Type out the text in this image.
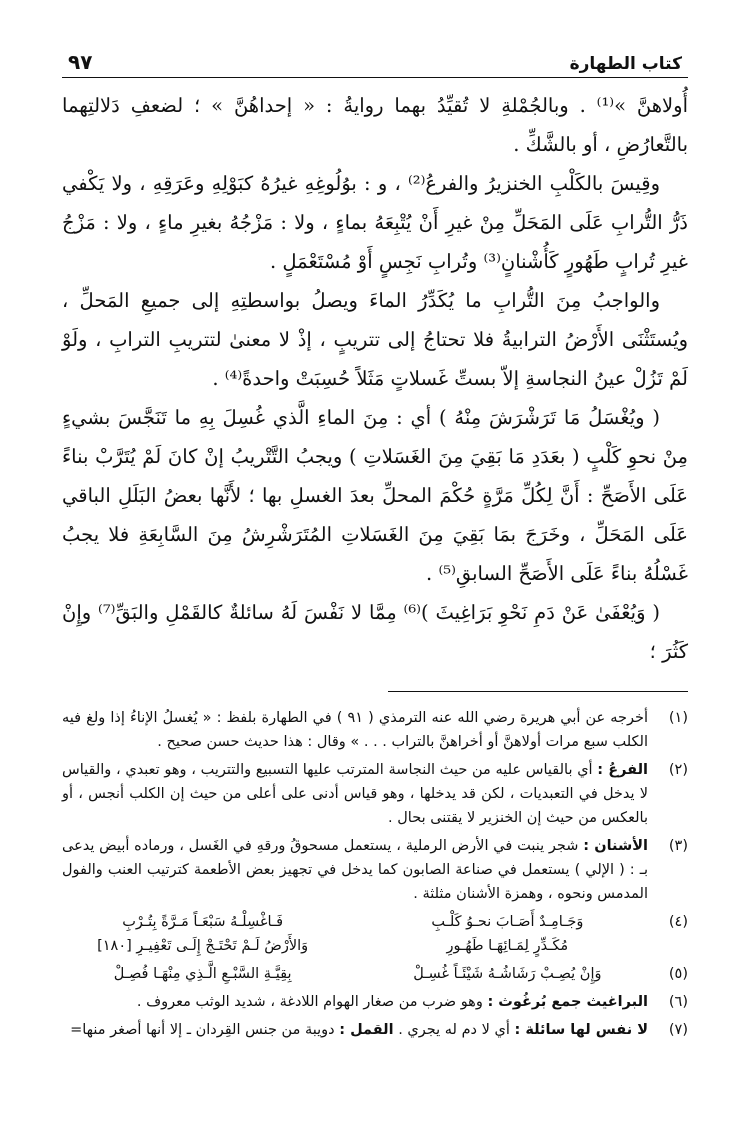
كتاب الطهارة
٩٧

أُولاهنَّ »⁽¹⁾ . وبالجُمْلةِ لا تُقيِّدُ بهما روايةُ : « إحداهُنَّ » ؛ لضعفِ دَلالتِهما بالتَّعارُضِ ، أو بالشَّكِّ .

وقِيسَ بالكَلْبِ الخنزيرُ والفرعُ⁽²⁾ ، و : بوُلُوغِهِ غيرُهُ كبَوْلِهِ وعَرَقِهِ ، ولا يَكْفي ذَرُّ التُّرابِ عَلَى المَحَلِّ مِنْ غيرِ أَنْ يُتْبِعَهُ بماءٍ ، ولا : مَزْجُهُ بغيرِ ماءٍ ، ولا : مَزْجُ غيرِ تُرابٍ طَهُورٍ كَأُشْنانٍ⁽³⁾ وتُرابِ نَجِسٍ أَوْ مُسْتَعْمَلٍ .

والواجبُ مِنَ التُّرابِ ما يُكَدِّرُ الماءَ ويصلُ بواسطتِهِ إلى جميعِ المَحلِّ ، ويُستَثْنَى الأَرْضُ الترابيةُ فلا تحتاجُ إلى تتريبٍ ، إذْ لا معنىٰ لتتريبِ الترابِ ، ولَوْ لَمْ تَزُلْ عينُ النجاسةِ إلاّ بستِّ غَسلاتٍ مَثَلاً حُسِبَتْ واحدةً⁽⁴⁾ .

( ويُغْسَلُ مَا تَرَشْرَشَ مِنْهُ ) أي : مِنَ الماءِ الَّذي غُسِلَ بِهِ ما تَنَجَّسَ بشيءٍ مِنْ نحوِ كَلْبٍ ( بعَدَدِ مَا بَقِيَ مِنَ الغَسَلاتِ ) ويجبُ التَّتْريبُ إنْ كانَ لَمْ يُتَرَّبْ بناءً عَلَى الأَصَحِّ : أَنَّ لِكُلِّ مَرَّةٍ حُكْمَ المحلِّ بعدَ الغسلِ بها ؛ لأَنَّها بعضُ البَلَلِ الباقي عَلَى المَحَلِّ ، وخَرَجَ بمَا بَقِيَ مِنَ الغَسَلاتِ المُتَرَشْرِشُ مِنَ السَّابِعَةِ فلا يجبُ غَسْلُهُ بناءً عَلَى الأَصَحِّ السابقِ⁽⁵⁾ .

( وَيُعْفَىٰ عَنْ دَمِ نَحْوِ بَرَاغِيثَ )⁽⁶⁾ مِمَّا لا نَفْسَ لَهُ سائلةٌ كالقَمْلِ والبَقِّ⁽⁷⁾ وإِنْ كَثُرَ ؛

(١)
أخرجه عن أبي هريرة رضي الله عنه الترمذي ( ٩١ ) في الطهارة بلفظ : « يُغسلُ الإناءُ إذا ولغ فيه الكلب سبع مرات أولاهنَّ أو أخراهنَّ بالتراب . . . » وقال : هذا حديث حسن صحيح .
(٢)
الفرعُ : أي بالقياس عليه من حيث النجاسة المترتب عليها التسبيع والتتريب ، وهو تعبدي ، والقياس لا يدخل في التعبديات ، لكن قد يدخلها ، وهو قياس أدنى على أعلى من حيث إن الكلب أنجس ، أو بالعكس من حيث إن الخنزير لا يقتنى بحال .
(٣)
الأشنان : شجر ينبت في الأرض الرملية ، يستعمل مسحوقُ ورقهِ في الغَسل ، ورماده أبيض يدعى بـ : ( الإلي ) يستعمل في صناعة الصابون كما يدخل في تجهيز بعض الأطعمة كترتيب العنب والفول المدمس ونحوه ، وهمزة الأشنان مثلثة .
(٤)
وَجَـامِـدٌ أَصَـابَ نحـوُ كَلْـبِ
فَـاغْسِلْـهُ سَبْعَـاً مَـرَّةً بِتُـرْبِ
مُكَـدِّرٍ لِمَـائِهَـا طَهُـورِ
وَالأَرْضُ لَـمْ تَحْتَـجْ إِلَـى تَعْفِيـرِ [١٨٠]
(٥)
وَإِنْ يُصِـبْ رَشَاشُـهُ شَيْئَـاً غُسِـلْ
بِقِيَّـةِ السَّبْـعِ الَّـذِي مِنْهَـا فُصِـلْ
(٦)
البراغيث جمع بُرغُوث : وهو ضرب من صغار الهوام اللادغة ، شديد الوثب معروف .
(٧)
لا نفس لها سائلة : أي لا دم له يجري . القمل : دويبة من جنس القِردان ـ إلا أنها أصغر منها=
